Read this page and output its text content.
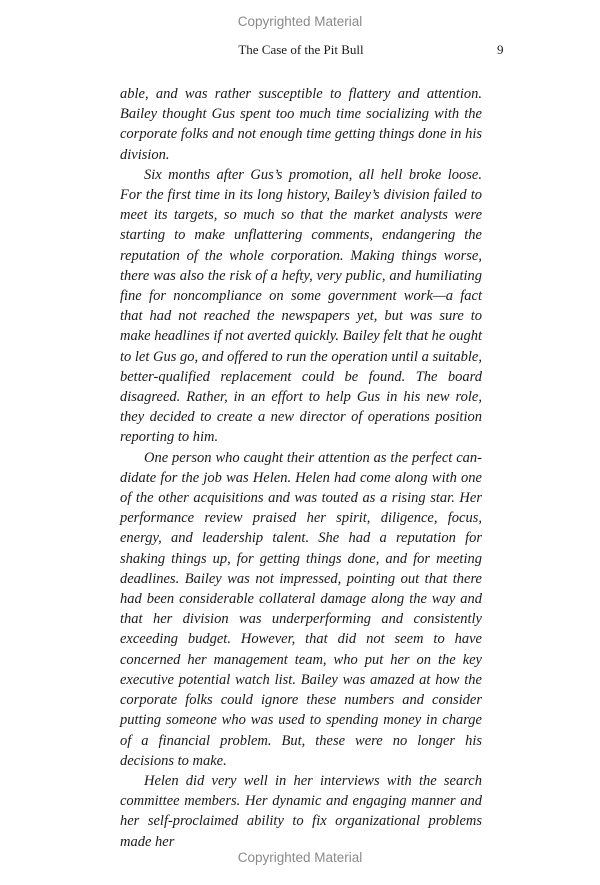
Copyrighted Material
The Case of the Pit Bull	9

able, and was rather susceptible to flattery and attention. Bailey thought Gus spent too much time socializing with the corporate folks and not enough time getting things done in his division.

Six months after Gus’s promotion, all hell broke loose. For the first time in its long history, Bailey’s division failed to meet its targets, so much so that the market analysts were starting to make unflattering comments, endangering the reputation of the whole corporation. Making things worse, there was also the risk of a hefty, very public, and humiliating fine for noncompliance on some government work—a fact that had not reached the newspapers yet, but was sure to make headlines if not averted quickly. Bailey felt that he ought to let Gus go, and offered to run the operation until a suitable, better-qualified replacement could be found. The board disagreed. Rather, in an effort to help Gus in his new role, they decided to create a new director of operations position reporting to him.

One person who caught their attention as the perfect candidate for the job was Helen. Helen had come along with one of the other acquisitions and was touted as a rising star. Her performance review praised her spirit, diligence, focus, energy, and leadership talent. She had a reputation for shaking things up, for getting things done, and for meeting deadlines. Bailey was not impressed, pointing out that there had been considerable collateral damage along the way and that her division was underperforming and consistently exceeding budget. However, that did not seem to have concerned her management team, who put her on the key executive potential watch list. Bailey was amazed at how the corporate folks could ignore these numbers and consider putting someone who was used to spending money in charge of a financial problem. But, these were no longer his decisions to make.

Helen did very well in her interviews with the search committee members. Her dynamic and engaging manner and her self-proclaimed ability to fix organizational problems made her

Copyrighted Material
